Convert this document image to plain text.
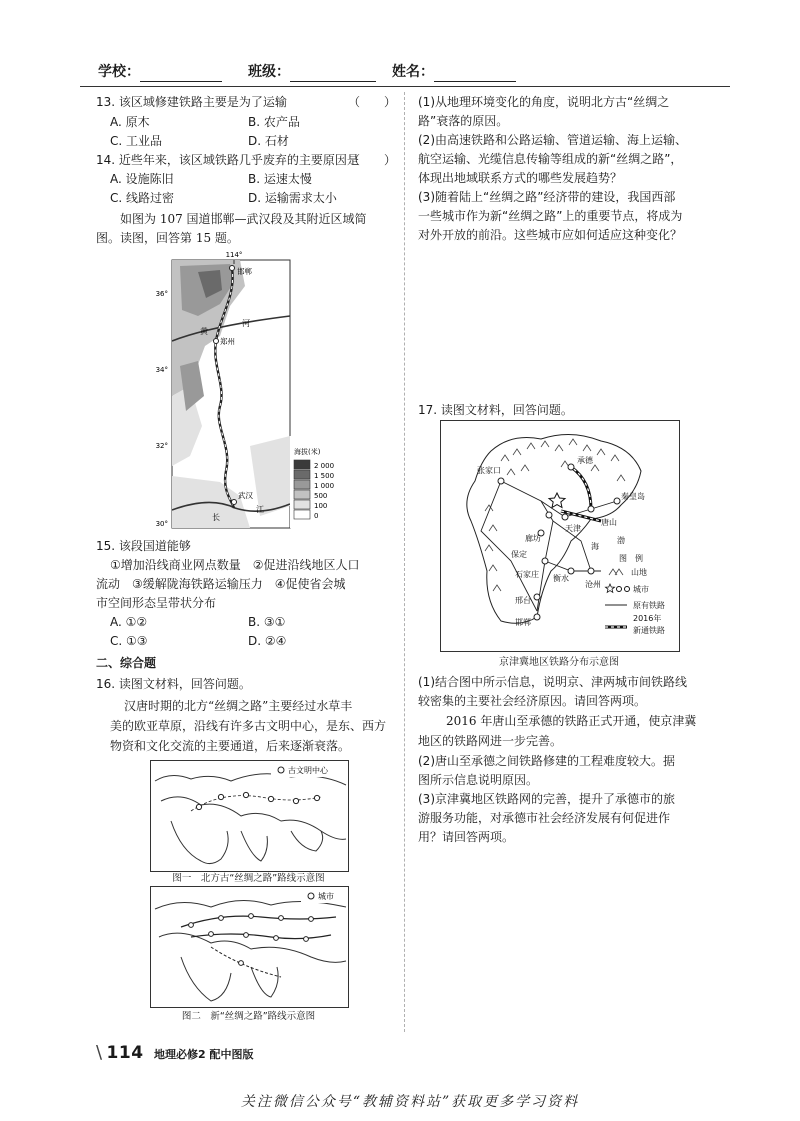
学校：	班级：	姓名：
13. 该区域修建铁路主要是为了运输	（　　）
A. 原木	B. 农产品
C. 工业品	D. 石材
14. 近些年来，该区域铁路几乎废弃的主要原因是
（　　）
A. 设施陈旧	B. 运速太慢
C. 线路过密	D. 运输需求太小
如图为 107 国道邯郸—武汉段及其附近区域简图。读图，回答第 15 题。
114°
36°
34°
32°
30°
邯郸
郑州
武汉
黄
河
长
江
海拔(米)
2 000
1 500
1 000
500
100
0
15. 该段国道能够
①增加沿线商业网点数量　②促进沿线地区人口
流动　③缓解陇海铁路运输压力　④促使省会城
市空间形态呈带状分布
A. ①②	B. ③①
C. ①③	D. ②④
二、综合题
16. 读图文材料，回答问题。
汉唐时期的北方“丝绸之路”主要经过水草丰
美的欧亚草原，沿线有许多古文明中心，是东、西方
物资和文化交流的主要通道，后来逐渐衰落。
古文明中心
图一　北方古“丝绸之路”路线示意图
城市
图二　新“丝绸之路”路线示意图
(1)从地理环境变化的角度，说明北方古“丝绸之
路”衰落的原因。
(2)由高速铁路和公路运输、管道运输、海上运输、
航空运输、光缆信息传输等组成的新“丝绸之路”，
体现出地域联系方式的哪些发展趋势？
(3)随着陆上“丝绸之路”经济带的建设，我国西部
一些城市作为新“丝绸之路”上的重要节点，将成为
对外开放的前沿。这些城市应如何适应这种变化？
17. 读图文材料，回答问题。
张家口
承德
唐山
秦皇岛
廊坊
天津
保定
石家庄
沧州
衡水
邢台
邯郸
渤
海
图　例
山地
城市
原有铁路
2016年
新通铁路
京津冀地区铁路分布示意图
(1)结合图中所示信息，说明京、津两城市间铁路线
较密集的主要社会经济原因。请回答两项。
2016 年唐山至承德的铁路正式开通，使京津冀
地区的铁路网进一步完善。
(2)唐山至承德之间铁路修建的工程难度较大。据
图所示信息说明原因。
(3)京津冀地区铁路网的完善，提升了承德市的旅
游服务功能，对承德市社会经济发展有何促进作
用？请回答两项。
\ 114 地理必修2 配中图版
关注微信公众号“教辅资料站”获取更多学习资料
